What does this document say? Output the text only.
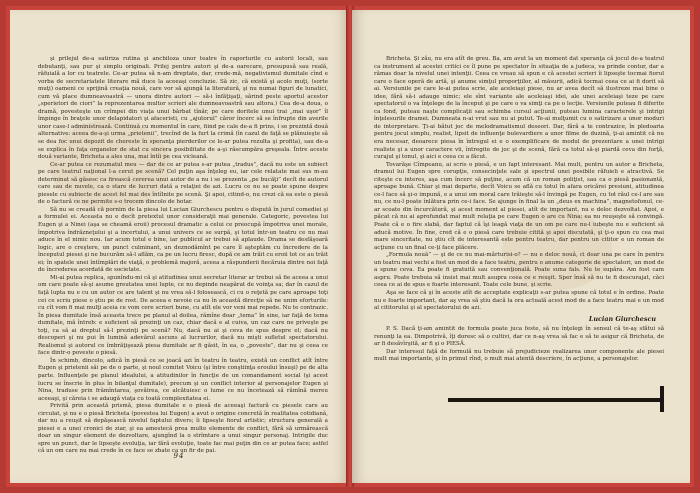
şi prilejul de-a satiriza rutina şi anchiloza unor teatre în raporturile cu autorii locali, sau debutanţi, sau pur şi simplu originali. Prilej pentru autori şi de-a oarecare, presupusă sau reală, răfuială a lor cu teatrele. Ce-ar putea să n-am dreptate, dar, crede-mă, negativismul dumitale cînd e vorba de secretariatele literare mă duce la aceeaşi concluzie. Să zic, că există şi acolo muţi, (sorte muţi) oameni ce sprijină creaţia nouă, care vor să ajungă la literatură, şi nu numai figuri de lunatici, cum vă place dumneavoastră — unora dintre autori — să-i înfăţişaţi, sărind peste aportul acestor „sperietori de ciori” la reprezentarea multor scrieri ale dumneavoastră sau altora.) Cea de-a doua, o dramă, povesteşte un crîmpei din viaţa unui bărbat tînăr, pe care doritele unui trai „mai uşor” îl împinge în braţele unor delapidatori şi afaceristi, cu „ajutorul” căror încerc să se înfrupte din averile unor case-l administrează. Continuă cu momentul în care, fiind pe cale de-a fi prins, i se prezintă două alternative: aceea de-a-şi urma „prietenii”, trecînd de la furt la crimă (în cazul de faţă se plănuieşte să se dea foc unui depozit de chereste în speranţa pierderilor ce le-ar putea rezulta şi profita), sau de-a se explica în faţa organelor de stat cu sincera posibilitate de a-şi răscumpăra greşeala. Între aceste două variante, Bricheta a ales una, mai întîi pe cea vicleană.

Ce-ar putea ce rezumatul meu — dar de ce ar putea s-ar putea „tradus”, dacă nu este un subiect pe care teatrul naţional l-a cerut pe scenă? Cel puţin aşa înţeleg eu, iar cele relatate mai sus m-au determinat să găsesc ca firească cererea unui autor de a nu i se prezenta „pe bucăţi” decît de autorul care sau de nuvele, ca o stare de lucruri dată a relaţiei de azi. Lucru ce nu se poate spune despre piesele cu subiecte de acest fel mai des întîlnite pe scenă. Şi apoi, citind-o, nu crezi că ea este o piesă de o factură ce ne permite s-o trecem dincolo de hotar.

Să nu se creadă că pornim de la piesa lui Lucian Giurchescu pentru o dispută în jurul comediei şi a formulei ei. Aceasta nu e decît pretextul unor consideraţii mai generale. Categoric, povestea lui Eugen şi a Ninei (aşa se cheamă eroii) procesul dramatic a celui ce preocupă împotriva unei morale, împotriva îndrăzneţului şi a incertului, a unui univers ce se surpă, şi totul într-un teatru ce nu mai aduce în el nimic nou. Iar acum totul e bine, iar publicul ar trebui să aplaude. Drama se desfăşoară logic, are o creştere, un punct culminant, un deznodămînt pe care îl aşteptăm cu încredere de la începutul piesei şi ne bucurăm să-l aflăm, ca pe un lucru firesc, după ce am trăit cu eroii tot ce au trăit ei; în spatele unei întîmplări de viaţă, o problemă majoră, aceea a răspunderii fiecăruia dintre noi faţă de încrederea acordată de societate.

Mi-ai putea replica, spunîndu-mi că şi atitudinea unui secretar literar ar trebui să fie aceea a unui om care poate să-şi asume greutatea unei lupte, ce nu depinde neapărat de voinţa sa; dar în cazul de faţă lupta nu e cu un autor ce are talent şi nu vrea să-l folosească, ci cu o reţetă pe care aproape toţi cei ce scriu piese o ştiu pe de rost. De aceea e nevoie ca nu în această direcţie să ne unim eforturile: cu cît vom fi mai mulţi aceia ce vom cere scrieri bune, cu atît ele vor veni mai repede. Nu te contrazic. În piesa dumitale însă aceasta trece pe planul al doilea, rămîne doar „tema” în sine, iar faţă de tema dumitale, mă întreb: e suficient să prezinţi un caz, chiar dacă e al cuiva, un caz care ne priveşte pe toţi, ca să ai dreptul să-l prezinţi pe scenă? Nu, dacă nu ai şi ceva de spus despre el; dacă nu descoperi şi nu pui în lumină adevărul ascuns al lucrurilor, dacă nu mişti sufletul spectatorului. Realismul şi autorul ce îmbrăţişează piesa dumitale ar fi găsit, în ea, o „poveste”, dar nu şi ceea ce face dintr-o poveste o piesă.

În schimb, dincolo, adică în piesă ce se joacă azi în teatru în teatru, există un conflict atît între Eugen şi prietenii săi pe de o parte, şi noul comitet Voicu (şi între conştiinţa eroului însuşi) pe de alta parte. Influenţele pe planul idealului, a atitudinilor în funcţie de un comandament social (şi acest lucru se înscrie în plus în bilanţul dumitale), precum şi un conflict interior al personajelor Eugen şi Nina, traduse prin frămîntarea, şovăirea, ce alcătuiesc o lume ce nu încetează să rămînă mereu aceeaşi, şi căreia i se adaugă viaţa cu toată complexitatea ei.

Privită prin această prismă, piesa dumitale e o piesă de aceeaşi factură cu piesele care au circulat, şi nu e o piesă Bricheta (povestea lui Eugen) a avut o origine concretă în realitatea cotidiană, dar nu a reuşit să depăşească nivelul faptului divers; îi lipseşte fiorul artistic; structura generală a piesei e a unei cronici de ziar, şi ea amestecă prea multe elemente de conflict, fără să urmărească doar un singur element de dezvoltare, ajungînd la o strîmtare a unui singur personaj. Intrigile duc spre un punct, dar le lipseşte evoluţia, iar fără evoluţie, toate fac mai puţin din ce ar putea face; astfel că un om care nu mai crede în ce face se zbate ca un fir de pai.

94

Bricheta. Şi zău, nu era atît de greu. Ba, am avut la un moment dat speranţa că jocul de-a teatrul ca instrument al acestei critici ce îl pune pe spectator în situaţia de a judeca, va prinde contur, dar a rămas doar la nivelul unei intenţii. Ceea ce vreau să spun e că acestei scrieri îi lipseşte tocmai fiorul care o face operă de artă, şi anume simţul proporţiilor, al măsurii, adică tocmai ceea ce ai fi dorit să ai. Versiunile pe care le-ai putea scrie, ale aceleiaşi piese, nu ar avea decît să ilustreze mai bine o idee, fără să-i adauge nimic; ele sînt variante ale aceleiaşi idei, ale unei aceleiaşi teze pe care spectatorul o va înţelege de la început şi pe care o va simţi ca pe o lecţie. Versiunile puteau fi diferite ca fond, puteau naşte complicaţii sau schimba cursul acţiunii, puteau lumina caracterele şi intrigi înţelesurile dramei. Dumneata n-ai vrut sau nu ai putut. Te-ai mulţumit cu o satirizare a unor moduri de interpretare. Ţi-ai bătut joc de melodramatismul deseori. Dar, fără a te contrazice, în pledoaria pentru jocul simplu, realist, lipsit de influenţe bulevardiere a unor filme de duzină, ţi-ai amintit că nu era necesar, deoarece piesa în întregul ei e o exemplificare de modul de prezentare a unei intrigi realiste şi a unor caractere vii, întregite de joc şi de scenă, fără ca totul să-şi piardă ceva din forţă, curajul şi tonul, şi aici e ceea ce a făcut.

Tovarăşe Cîmpeanu, ai scris o piesă, e un fapt interesant. Mai mult, pentru un autor a Bricheta, dramul lui Eugen spre corupţie, consecinţele sale şi spectrul unei posibile răfuieli e atractivă. Se citeşte cu interes, aşa cum încerc să puţine, acum că un roman poliţist, sau ca o piesă pasionantă, aproape bună. Chiar şi mai departe, decît Voicu se află cu totul în afara oricărei presiuni, atitudinea ce-l face să şi-o impună, e a unui om moral care trăieşte să-l învingă pe Eugen, cu tot răul ce-l are sau nu, ce nu-l poate înlătura prin ce-i face. Se ajunge în final la un „deus ex machina”, magnetofonul, ce-ar scoate din încurcătură, şi acest moment al piesei, atît de important, nu e deloc dezvoltat. Apoi, e păcat că nu ai aprofundat mai mult relaţia pe care Eugen o are cu Nina; ea nu reuşeşte să convingă. Poate că e o fire slabă, dar faptul că îşi leagă viaţa de un om pe care nu-l iubeşte nu e suficient să aducă motive. În fine, cred că e o piesă care trebuie citită şi apoi discutată, şi ţi-o spun cu cea mai mare sinceritate, nu ştiu cît de interesantă este pentru teatru, dar pentru un cititor e un roman de acţiune cu un final ce-ţi face plăcere.

„Formula nouă” — şi de ce nu mai-mărturisi-o? — nu e deloc nouă, ci doar una pe care în pentru un teatru mai vechi a fost un mod de a face teatru, pentru o anume categorie de spectatori, un mod de a spune ceva. Ea poate fi gratuită sau convenţională. Poate suna fals. Nu te supăra. Am fost cam aspru. Poate trebuia să insist mai mult asupra ceea ce e reuşit. Sper însă să nu te fi descurajat, căci ceea ce ai de spus e foarte interesant. Toate cele bune, şi scrie.

Aşa se face că şi în aceste atît de acceptate explicaţii s-ar putea spune că totul e în ordine. Poate nu e foarte important, dar aş vrea să ştiu dacă la ora actuală acest mod de a face teatru mai e un mod al cititorului şi al spectatorului de azi.

Lucian Giurchescu

P. S. Dacă ţi-am amintit de formula poate juca feste, să nu înţelegi în sensul că te-aş sfătui să renunţi la ea. Dimpotrivă, îţi doresc să o cultivi, dar ce n-aş vrea să fac e să te asigur că Bricheta, de ar fi desăvîrşită, ar fi şi o PIESĂ.

Dar interesul faţă de formulă nu trebuie să prejudicieze realizarea unor componente ale piesei mult mai importante, şi în primul rînd, o mult mai atentă descriere, în acţiune, a personajelor.
